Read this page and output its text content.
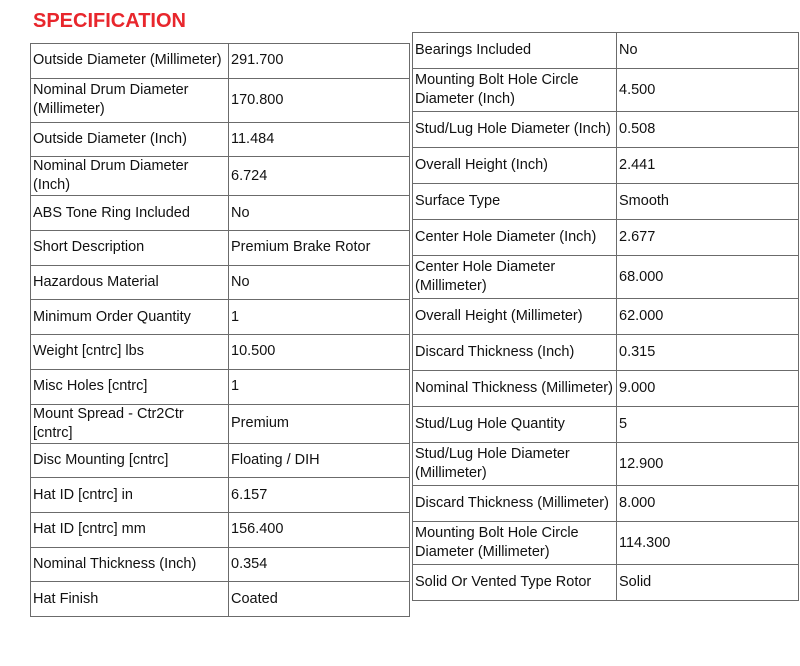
SPECIFICATION
Outside Diameter (Millimeter)	291.700
Nominal Drum Diameter (Millimeter)	170.800
Outside Diameter (Inch)	11.484
Nominal Drum Diameter (Inch)	6.724
ABS Tone Ring Included	No
Short Description	Premium Brake Rotor
Hazardous Material	No
Minimum Order Quantity	1
Weight [cntrc] lbs	10.500
Misc Holes [cntrc]	1
Mount Spread - Ctr2Ctr [cntrc]	Premium
Disc Mounting [cntrc]	Floating / DIH
Hat ID [cntrc] in	6.157
Hat ID [cntrc] mm	156.400
Nominal Thickness (Inch)	0.354
Hat Finish	Coated
Bearings Included	No
Mounting Bolt Hole Circle Diameter (Inch)	4.500
Stud/Lug Hole Diameter (Inch)	0.508
Overall Height (Inch)	2.441
Surface Type	Smooth
Center Hole Diameter (Inch)	2.677
Center Hole Diameter (Millimeter)	68.000
Overall Height (Millimeter)	62.000
Discard Thickness (Inch)	0.315
Nominal Thickness (Millimeter)	9.000
Stud/Lug Hole Quantity	5
Stud/Lug Hole Diameter (Millimeter)	12.900
Discard Thickness (Millimeter)	8.000
Mounting Bolt Hole Circle Diameter (Millimeter)	114.300
Solid Or Vented Type Rotor	Solid
